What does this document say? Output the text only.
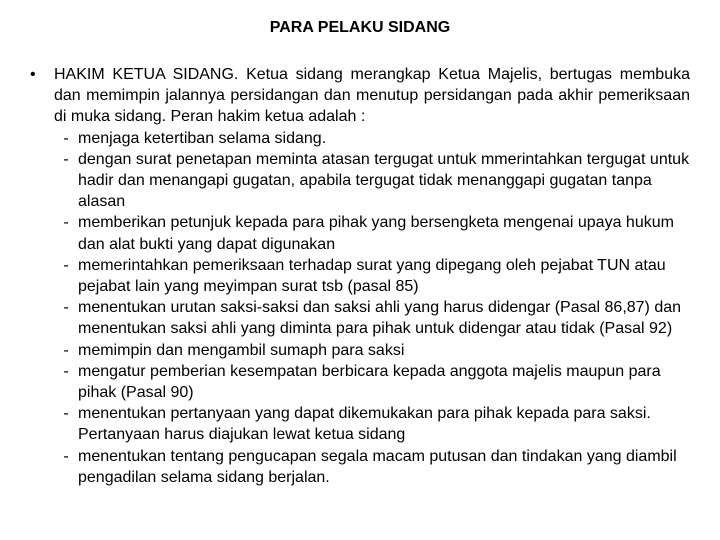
PARA PELAKU SIDANG
•	HAKIM KETUA SIDANG. Ketua sidang merangkap Ketua Majelis, bertugas membuka dan memimpin jalannya persidangan dan menutup persidangan pada akhir pemeriksaan di muka sidang. Peran hakim ketua adalah :
- menjaga ketertiban selama sidang.
- dengan surat penetapan meminta atasan tergugat untuk mmerintahkan tergugat untuk hadir dan menangapi gugatan, apabila tergugat tidak menanggapi gugatan tanpa alasan
- memberikan petunjuk kepada para pihak yang bersengketa mengenai upaya hukum dan alat bukti yang dapat digunakan
- memerintahkan pemeriksaan terhadap surat yang dipegang oleh pejabat TUN atau pejabat lain yang meyimpan surat tsb (pasal 85)
- menentukan urutan saksi-saksi dan saksi ahli yang harus didengar (Pasal 86,87) dan menentukan saksi ahli yang diminta para pihak untuk didengar atau tidak (Pasal 92)
- memimpin dan mengambil sumaph para saksi
- mengatur pemberian kesempatan berbicara kepada anggota majelis maupun para pihak (Pasal 90)
- menentukan pertanyaan yang dapat dikemukakan para pihak kepada para saksi. Pertanyaan harus diajukan lewat ketua sidang
- menentukan tentang pengucapan segala macam putusan dan tindakan yang diambil pengadilan selama sidang berjalan.
